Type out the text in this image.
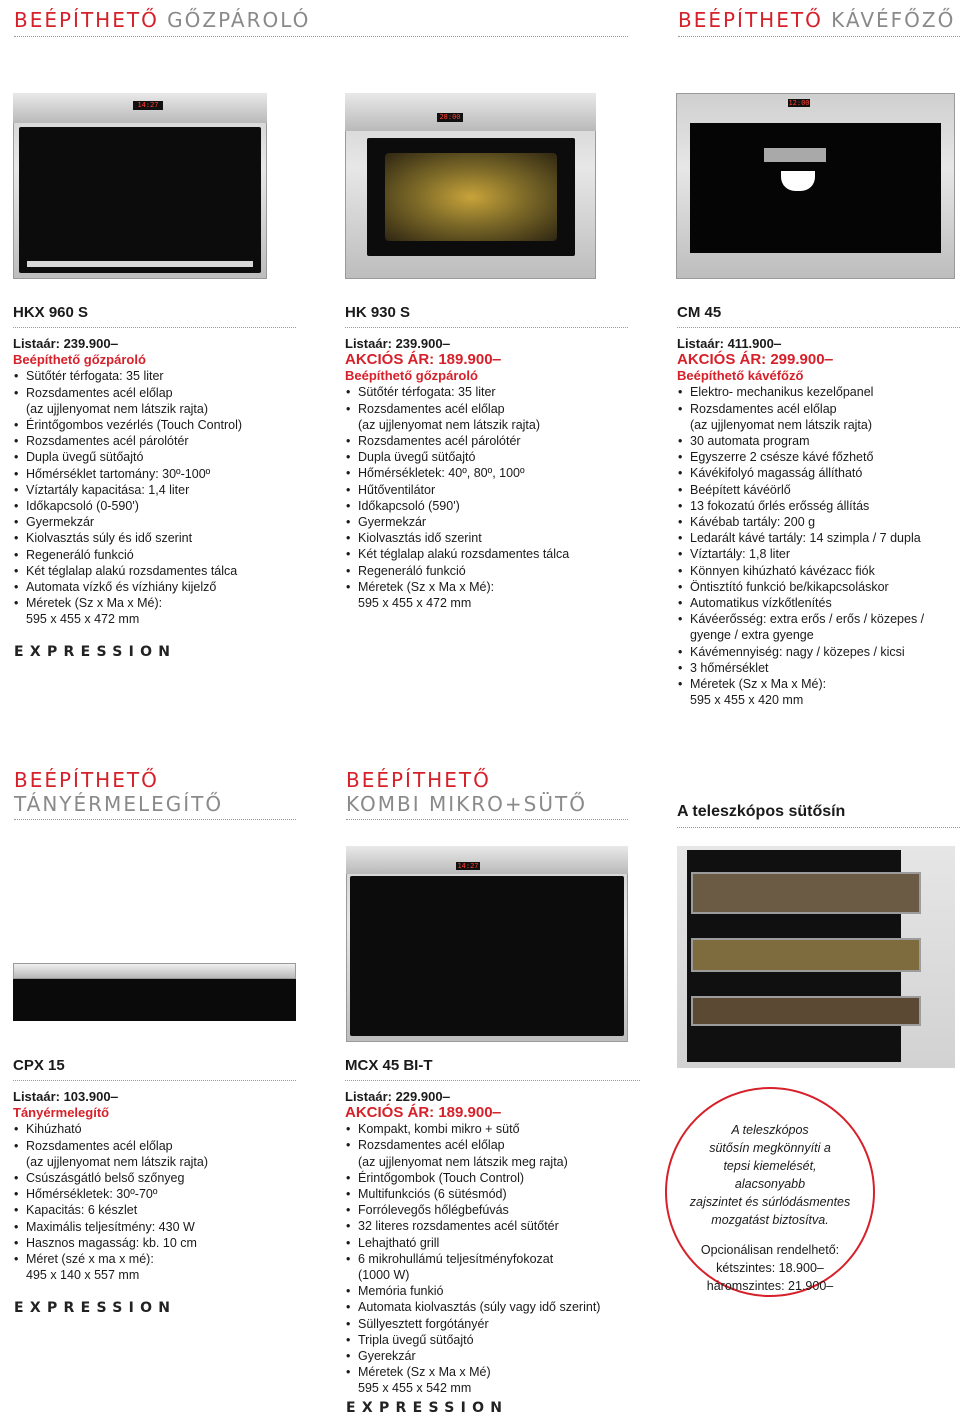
BEÉPÍTHETŐ GŐZPÁROLÓ	BEÉPÍTHETŐ KÁVÉFŐZŐ
14:27
28:00
12:00
HKX 960 S
Listaár: 239.900‒
Beépíthető gőzpároló
• Sütőtér térfogata: 35 liter
• Rozsdamentes acél előlap
(az ujjlenyomat nem látszik rajta)
• Érintőgombos vezérlés (Touch Control)
• Rozsdamentes acél párolótér
• Dupla üvegű sütőajtó
• Hőmérséklet tartomány: 30º-100º
• Víztartály kapacitása: 1,4 liter
• Időkapcsoló (0-590')
• Gyermekzár
• Kiolvasztás súly és idő szerint
• Regeneráló funkció
• Két téglalap alakú rozsdamentes tálca
• Automata vízkő és vízhiány kijelző
• Méretek (Sz x Ma x Mé):
595 x 455 x 472 mm
EXPRESSION
HK 930 S
Listaár: 239.900‒
AKCIÓS ÁR: 189.900‒
Beépíthető gőzpároló
• Sütőtér térfogata: 35 liter
• Rozsdamentes acél előlap
(az ujjlenyomat nem látszik rajta)
• Rozsdamentes acél párolótér
• Dupla üvegű sütőajtó
• Hőmérsékletek: 40º, 80º, 100º
• Hűtőventilátor
• Időkapcsoló (590')
• Gyermekzár
• Kiolvasztás idő szerint
• Két téglalap alakú rozsdamentes tálca
• Regeneráló funkció
• Méretek (Sz x Ma x Mé):
595 x 455 x 472 mm
CM 45
Listaár: 411.900‒
AKCIÓS ÁR: 299.900‒
Beépíthető kávéfőző
• Elektro- mechanikus kezelőpanel
• Rozsdamentes acél előlap
(az ujjlenyomat nem látszik rajta)
• 30 automata program
• Egyszerre 2 csésze kávé főzhető
• Kávékifolyó magasság állítható
• Beépített kávéörlő
• 13 fokozatú őrlés erősség állítás
• Kávébab tartály: 200 g
• Ledarált kávé tartály: 14 szimpla / 7 dupla
• Víztartály: 1,8 liter
• Könnyen kihúzható kávézacc fiók
• Öntisztító funkció be/kikapcsoláskor
• Automatikus vízkőtlenítés
• Kávéerősség: extra erős / erős / közepes /
gyenge / extra gyenge
• Kávémennyiség: nagy / közepes / kicsi
• 3 hőmérséklet
• Méretek (Sz x Ma x Mé):
595 x 455 x 420 mm
BEÉPÍTHETŐ
TÁNYÉRMELEGÍTŐ
BEÉPÍTHETŐ
KOMBI MIKRO+SÜTŐ	A teleszkópos sütősín
14:27
CPX 15
Listaár: 103.900‒
Tányérmelegítő
• Kihúzható
• Rozsdamentes acél előlap
(az ujjlenyomat nem látszik rajta)
• Csúszásgátló belső szőnyeg
• Hőmérsékletek: 30º-70º
• Kapacitás: 6 készlet
• Maximális teljesítmény: 430 W
• Hasznos magasság: kb. 10 cm
• Méret (szé x ma x mé):
495 x 140 x 557 mm
EXPRESSION
MCX 45 BI-T
Listaár: 229.900‒
AKCIÓS ÁR: 189.900‒
• Kompakt, kombi mikro + sütő
• Rozsdamentes acél előlap
(az ujjlenyomat nem látszik meg rajta)
• Érintőgombok (Touch Control)
• Multifunkciós (6 sütésmód)
• Forrólevegős hőlégbefúvás
• 32 literes rozsdamentes acél sütőtér
• Lehajtható grill
• 6 mikrohullámú teljesítményfokozat
(1000 W)
• Memória funkió
• Automata kiolvasztás (súly vagy idő szerint)
• Süllyesztett forgótányér
• Tripla üvegű sütőajtó
• Gyerekzár
• Méretek (Sz x Ma x Mé)
595 x 455 x 542 mm
EXPRESSION
A teleszkópos
sütősín megkönnyíti a
tepsi kiemelését, alacsonyabb
zajszintet és súrlódásmentes
mozgatást biztosítva.
Opcionálisan rendelhető:
kétszintes: 18.900‒
háromszintes: 21.900‒
